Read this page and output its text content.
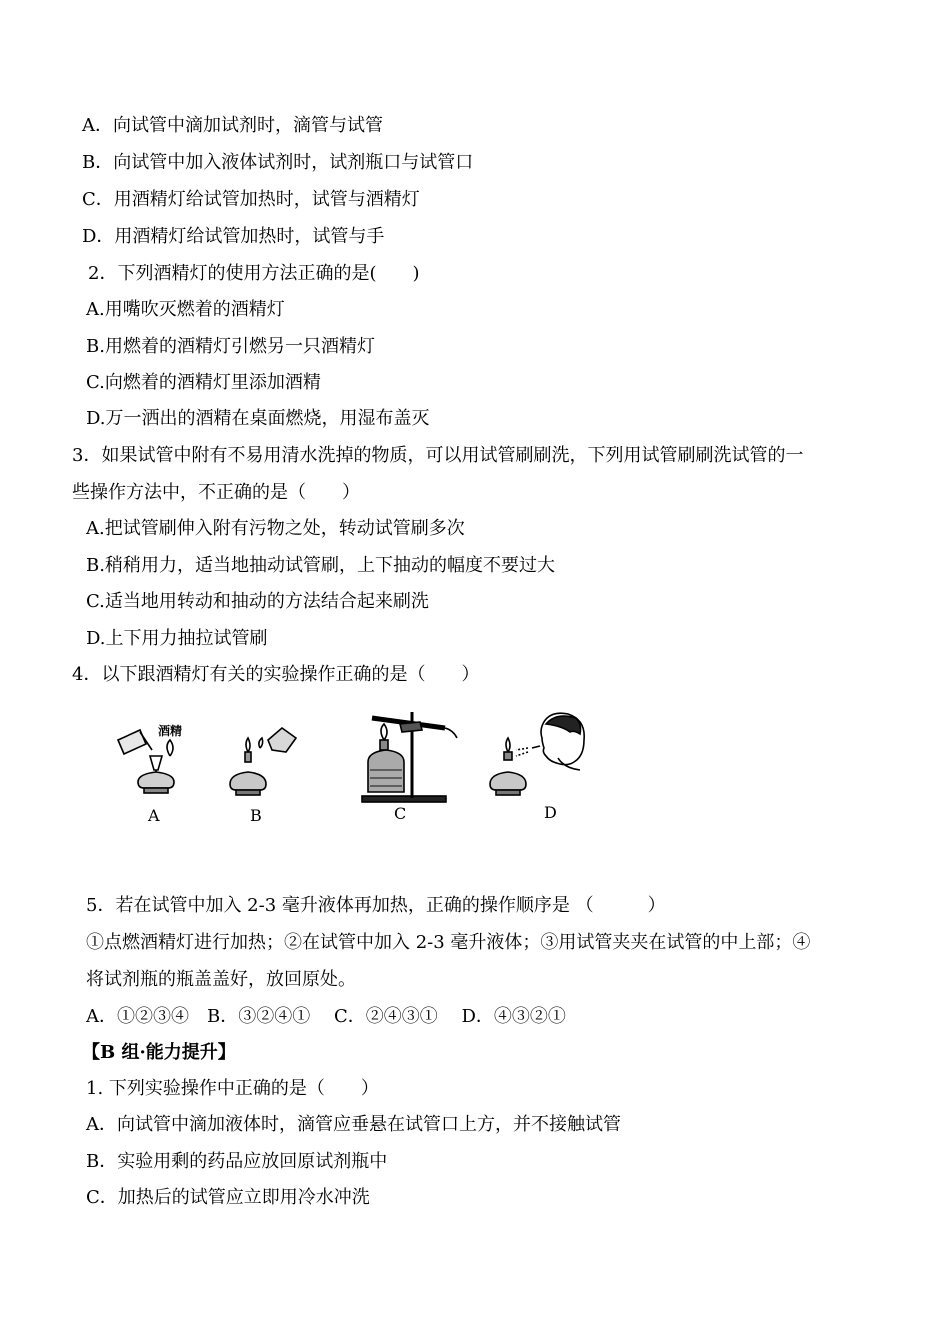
A．向试管中滴加试剂时，滴管与试管
B．向试管中加入液体试剂时，试剂瓶口与试管口
C．用酒精灯给试管加热时，试管与酒精灯
D．用酒精灯给试管加热时，试管与手
2．下列酒精灯的使用方法正确的是(　　)
A.用嘴吹灭燃着的酒精灯
B.用燃着的酒精灯引燃另一只酒精灯
C.向燃着的酒精灯里添加酒精
D.万一洒出的酒精在桌面燃烧，用湿布盖灭
3．如果试管中附有不易用清水洗掉的物质，可以用试管刷刷洗，下列用试管刷刷洗试管的一
些操作方法中，不正确的是（　　）
A.把试管刷伸入附有污物之处，转动试管刷多次
B.稍稍用力，适当地抽动试管刷，上下抽动的幅度不要过大
C.适当地用转动和抽动的方法结合起来刷洗
D.上下用力抽拉试管刷
4．以下跟酒精灯有关的实验操作正确的是（　　）
酒精
A	B	C	D
5．若在试管中加入 2-3 毫升液体再加热，正确的操作顺序是 （　　　）
①点燃酒精灯进行加热；②在试管中加入 2-3 毫升液体；③用试管夹夹在试管的中上部；④
将试剂瓶的瓶盖盖好，放回原处。
A．①②③④　B．③②④①　 C．②④③①　 D．④③②①
【B 组·能力提升】
1. 下列实验操作中正确的是（　　）
A．向试管中滴加液体时，滴管应垂悬在试管口上方，并不接触试管
B．实验用剩的药品应放回原试剂瓶中
C．加热后的试管应立即用冷水冲洗
